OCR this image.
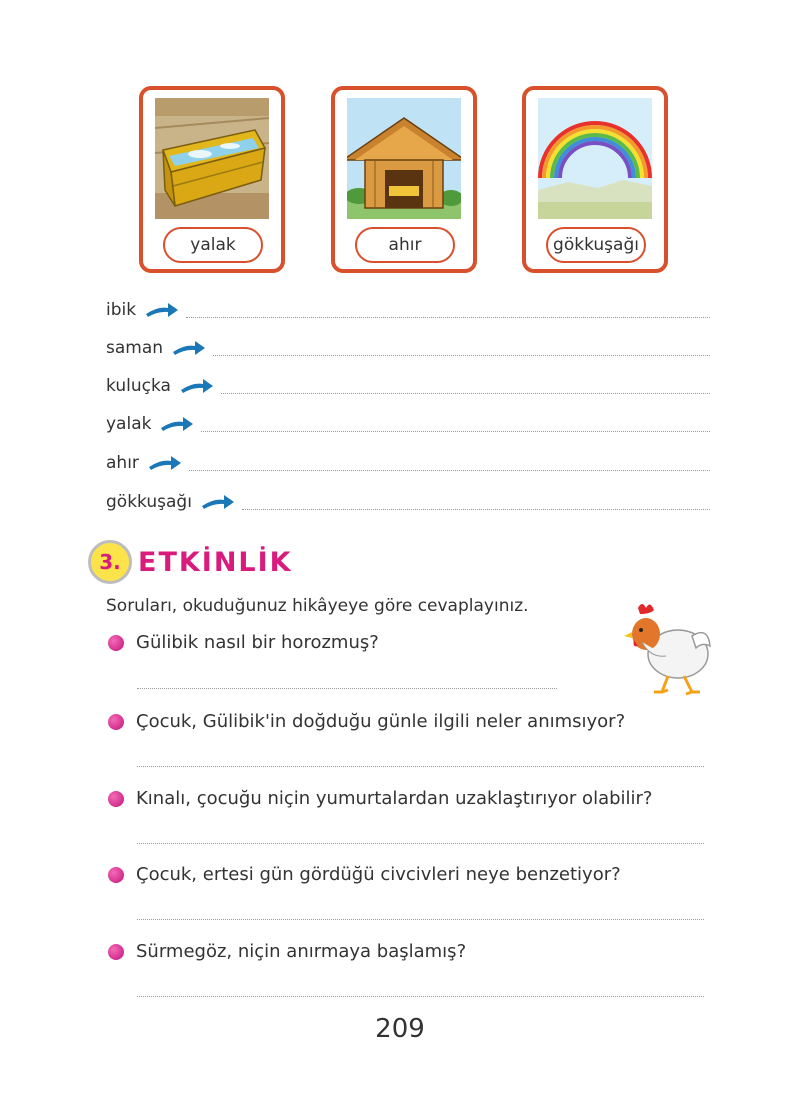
yalak	ahır	gökkuşağı
ibik
saman
kuluçka
yalak
ahır
gökkuşağı
3. ETKİNLİK
Soruları, okuduğunuz hikâyeye göre cevaplayınız.
Gülibik nasıl bir horozmuş?
Çocuk, Gülibik'in doğduğu günle ilgili neler anımsıyor?
Kınalı, çocuğu niçin yumurtalardan uzaklaştırıyor olabilir?
Çocuk, ertesi gün gördüğü civcivleri neye benzetiyor?
Sürmegöz, niçin anırmaya başlamış?
209
